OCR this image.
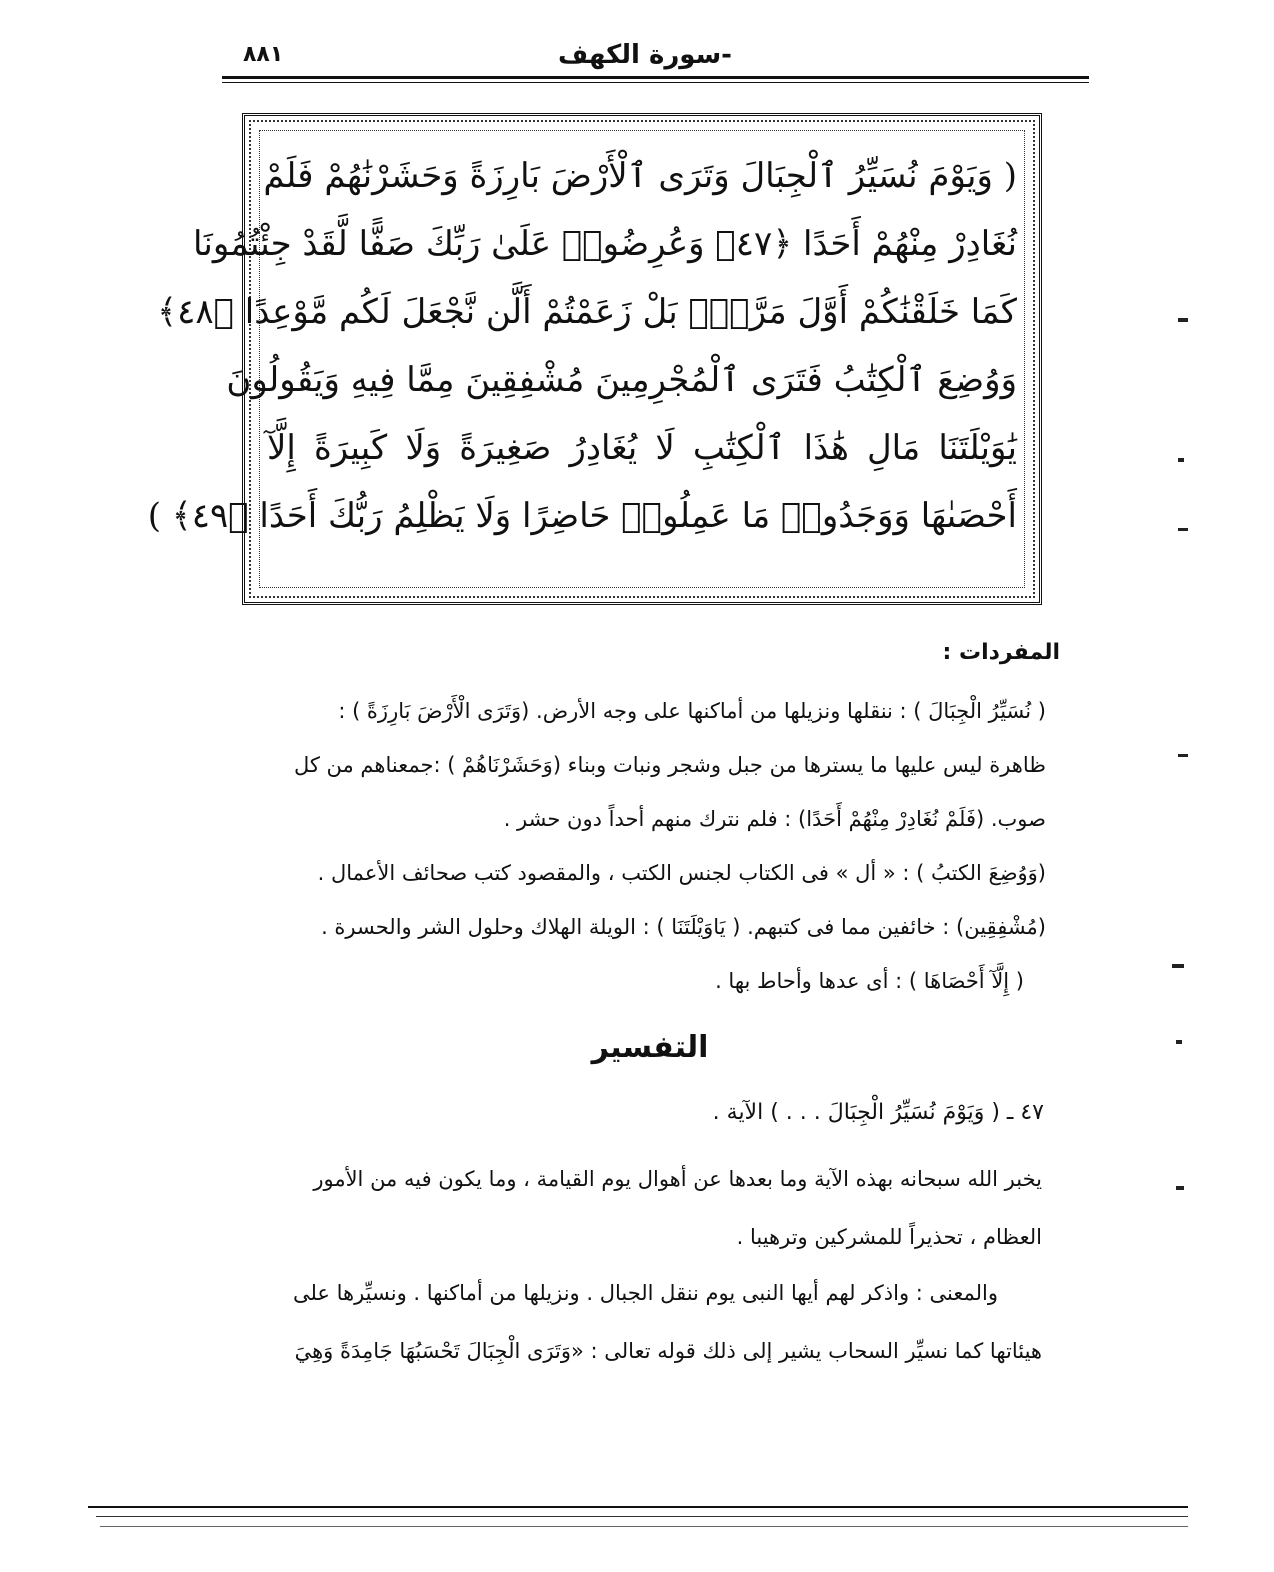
٨٨١	-سورة الكهف
( وَيَوْمَ نُسَيِّرُ ٱلْجِبَالَ وَتَرَى ٱلْأَرْضَ بَارِزَةً وَحَشَرْنَٰهُمْ فَلَمْ
نُغَادِرْ مِنْهُمْ أَحَدًا ﴿٤٧﴾ وَعُرِضُوا۟ عَلَىٰ رَبِّكَ صَفًّا لَّقَدْ جِئْتُمُونَا
كَمَا خَلَقْنَٰكُمْ أَوَّلَ مَرَّةٍۭ بَلْ زَعَمْتُمْ أَلَّن نَّجْعَلَ لَكُم مَّوْعِدًا ﴿٤٨﴾
وَوُضِعَ ٱلْكِتَٰبُ فَتَرَى ٱلْمُجْرِمِينَ مُشْفِقِينَ مِمَّا فِيهِ وَيَقُولُونَ
يَٰوَيْلَتَنَا مَالِ هَٰذَا ٱلْكِتَٰبِ لَا يُغَادِرُ صَغِيرَةً وَلَا كَبِيرَةً إِلَّآ
أَحْصَىٰهَا وَوَجَدُوا۟ مَا عَمِلُوا۟ حَاضِرًا وَلَا يَظْلِمُ رَبُّكَ أَحَدًا ﴿٤٩﴾ )
المفردات :
( نُسَيِّرُ الْجِبَالَ ) : ننقلها ونزيلها من أماكنها على وجه الأرض. (وَتَرَى الْأَرْضَ بَارِزَةً ) :
ظاهرة ليس عليها ما يسترها من جبل وشجر ونبات وبناء (وَحَشَرْنَاهُمْ ) :جمعناهم من كل
صوب. (فَلَمْ نُغَادِرْ مِنْهُمْ أَحَدًا) : فلم نترك منهم أحداً دون حشر .
(وَوُضِعَ الكتبُ ) : « أل » فى الكتاب لجنس الكتب ، والمقصود كتب صحائف الأعمال .
(مُشْفِقِين) : خائفين مما فى كتبهم. ( يَاوَيْلَتَنَا ) : الويلة الهلاك وحلول الشر والحسرة .
( إِلَّآ أَحْصَاهَا ) : أى عدها وأحاط بها .
التفسير
٤٧ ـ ( وَيَوْمَ نُسَيِّرُ الْجِبَالَ . . . ) الآية .
يخبر الله سبحانه بهذه الآية وما بعدها عن أهوال يوم القيامة ، وما يكون فيه من الأمور
العظام ، تحذيراً للمشركين وترهيبا .
والمعنى : واذكر لهم أيها النبى يوم ننقل الجبال . ونزيلها من أماكنها . ونسيِّرها على
هيئاتها كما نسيِّر السحاب يشير إلى ذلك قوله تعالى : «وَتَرَى الْجِبَالَ تَحْسَبُهَا جَامِدَةً وَهِيَ
